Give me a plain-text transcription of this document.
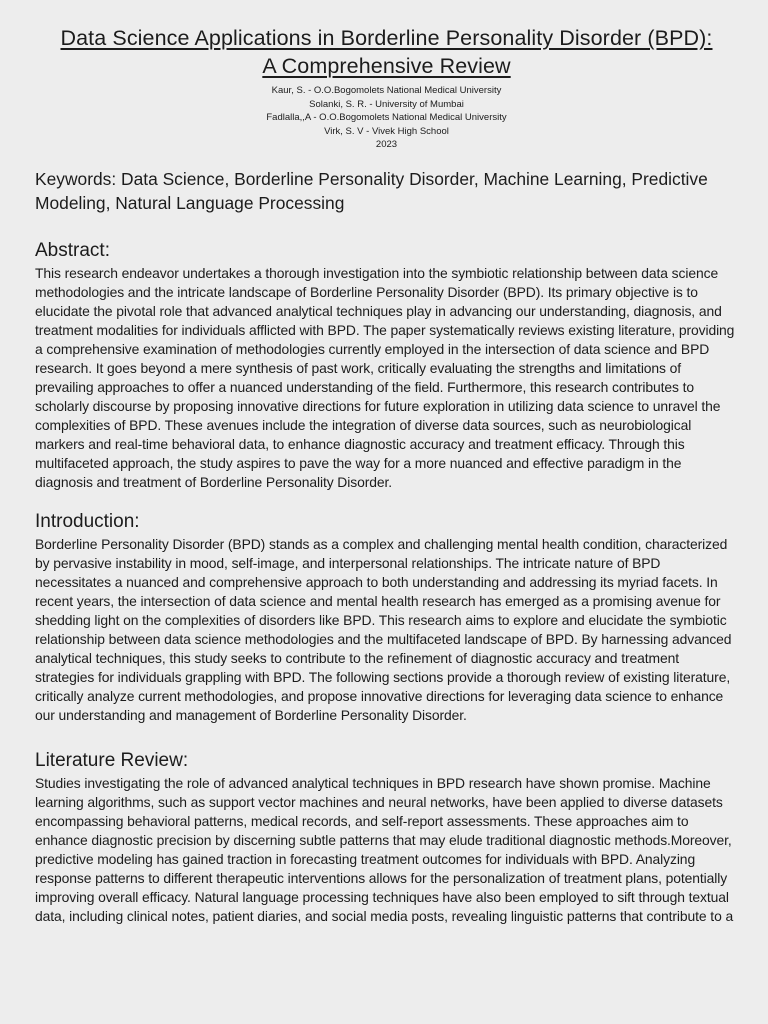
Data Science Applications in Borderline Personality Disorder (BPD):
A Comprehensive Review
Kaur, S. - O.O.Bogomolets National Medical University
Solanki, S. R. - University of Mumbai
Fadlalla,,A - O.O.Bogomolets National Medical University
Virk, S. V - Vivek High School
2023
Keywords: Data Science, Borderline Personality Disorder, Machine Learning, Predictive Modeling, Natural Language Processing
Abstract:

This research endeavor undertakes a thorough investigation into the symbiotic relationship between data science methodologies and the intricate landscape of Borderline Personality Disorder (BPD). Its primary objective is to elucidate the pivotal role that advanced analytical techniques play in advancing our understanding, diagnosis, and treatment modalities for individuals afflicted with BPD. The paper systematically reviews existing literature, providing a comprehensive examination of methodologies currently employed in the intersection of data science and BPD research. It goes beyond a mere synthesis of past work, critically evaluating the strengths and limitations of prevailing approaches to offer a nuanced understanding of the field. Furthermore, this research contributes to scholarly discourse by proposing innovative directions for future exploration in utilizing data science to unravel the complexities of BPD. These avenues include the integration of diverse data sources, such as neurobiological markers and real-time behavioral data, to enhance diagnostic accuracy and treatment efficacy. Through this multifaceted approach, the study aspires to pave the way for a more nuanced and effective paradigm in the diagnosis and treatment of Borderline Personality Disorder.

Introduction:

Borderline Personality Disorder (BPD) stands as a complex and challenging mental health condition, characterized by pervasive instability in mood, self-image, and interpersonal relationships. The intricate nature of BPD necessitates a nuanced and comprehensive approach to both understanding and addressing its myriad facets. In recent years, the intersection of data science and mental health research has emerged as a promising avenue for shedding light on the complexities of disorders like BPD. This research aims to explore and elucidate the symbiotic relationship between data science methodologies and the multifaceted landscape of BPD. By harnessing advanced analytical techniques, this study seeks to contribute to the refinement of diagnostic accuracy and treatment strategies for individuals grappling with BPD. The following sections provide a thorough review of existing literature, critically analyze current methodologies, and propose innovative directions for leveraging data science to enhance our understanding and management of Borderline Personality Disorder.

Literature Review:

Studies investigating the role of advanced analytical techniques in BPD research have shown promise. Machine learning algorithms, such as support vector machines and neural networks, have been applied to diverse datasets encompassing behavioral patterns, medical records, and self-report assessments. These approaches aim to enhance diagnostic precision by discerning subtle patterns that may elude traditional diagnostic methods.Moreover, predictive modeling has gained traction in forecasting treatment outcomes for individuals with BPD. Analyzing response patterns to different therapeutic interventions allows for the personalization of treatment plans, potentially improving overall efficacy. Natural language processing techniques have also been employed to sift through textual data, including clinical notes, patient diaries, and social media posts, revealing linguistic patterns that contribute to a
